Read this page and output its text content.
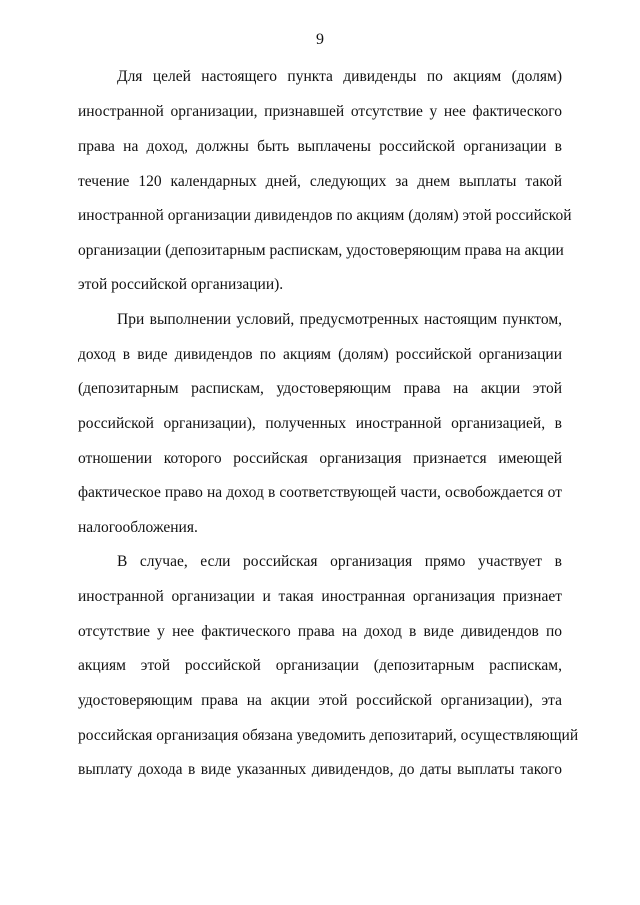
9
Для целей настоящего пункта дивиденды по акциям (долям)
иностранной организации, признавшей отсутствие у нее фактического
права на доход, должны быть выплачены российской организации в
течение 120 календарных дней, следующих за днем выплаты такой
иностранной организации дивидендов по акциям (долям) этой российской
организации (депозитарным распискам, удостоверяющим права на акции
этой российской организации).
При выполнении условий, предусмотренных настоящим пунктом,
доход в виде дивидендов по акциям (долям) российской организации
(депозитарным распискам, удостоверяющим права на акции этой
российской организации), полученных иностранной организацией, в
отношении которого российская организация признается имеющей
фактическое право на доход в соответствующей части, освобождается от
налогообложения.
В случае, если российская организация прямо участвует в
иностранной организации и такая иностранная организация признает
отсутствие у нее фактического права на доход в виде дивидендов по
акциям этой российской организации (депозитарным распискам,
удостоверяющим права на акции этой российской организации), эта
российская организация обязана уведомить депозитарий, осуществляющий
выплату дохода в виде указанных дивидендов, до даты выплаты такого
